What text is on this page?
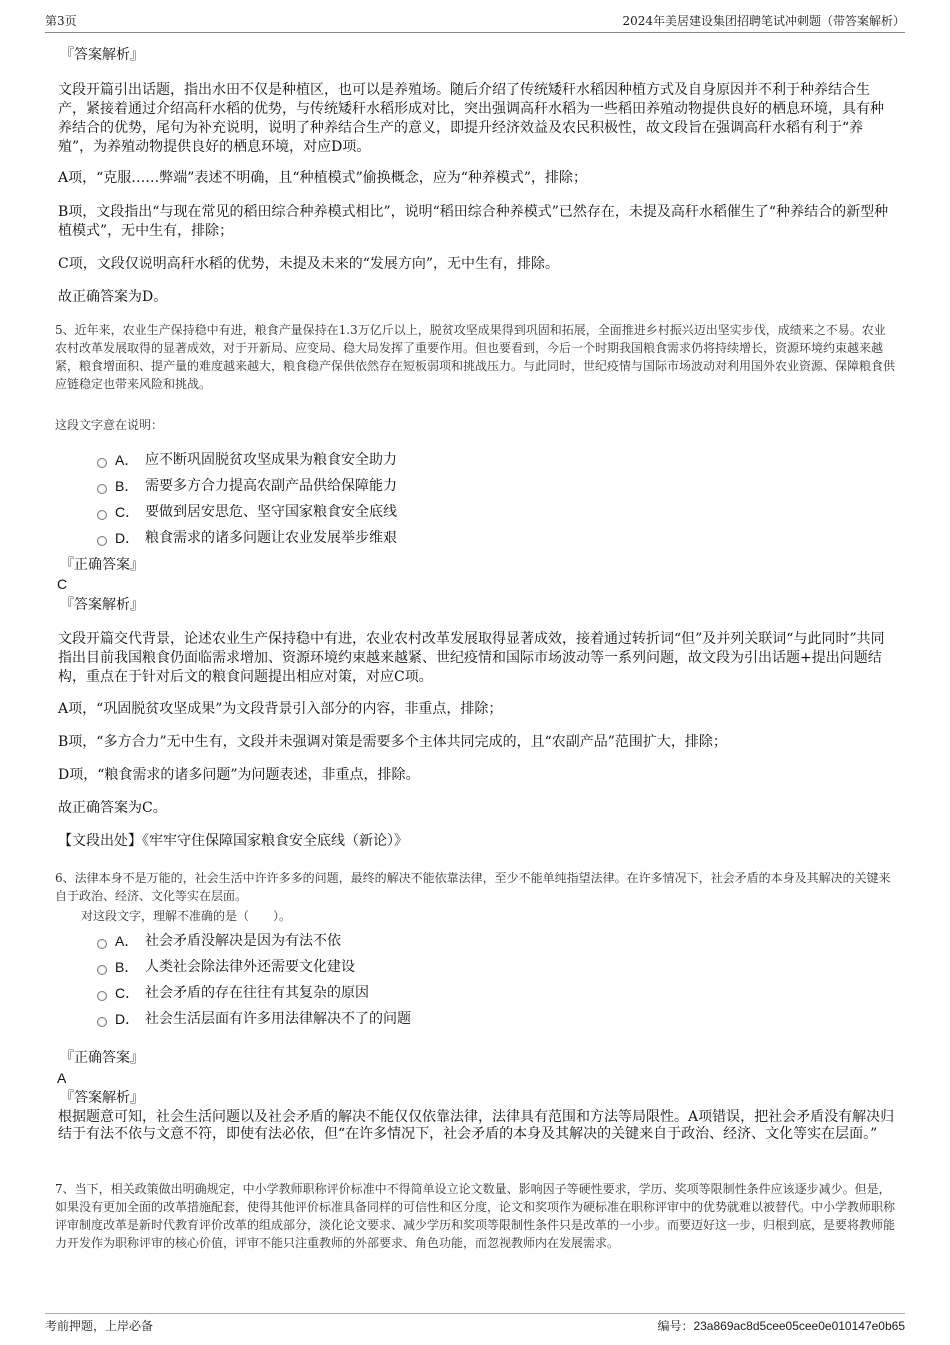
第3页	2024年美居建设集团招聘笔试冲刺题（带答案解析）

『答案解析』

文段开篇引出话题，指出水田不仅是种植区，也可以是养殖场。随后介绍了传统矮秆水稻因种植方式及自身原因并不利于种养结合生产，紧接着通过介绍高秆水稻的优势，与传统矮秆水稻形成对比，突出强调高秆水稻为一些稻田养殖动物提供良好的栖息环境，具有种养结合的优势，尾句为补充说明，说明了种养结合生产的意义，即提升经济效益及农民积极性，故文段旨在强调高秆水稻有利于“养殖”，为养殖动物提供良好的栖息环境，对应D项。

A项，“克服……弊端”表述不明确，且“种植模式”偷换概念，应为“种养模式”，排除；

B项，文段指出“与现在常见的稻田综合种养模式相比”，说明“稻田综合种养模式”已然存在，未提及高秆水稻催生了“种养结合的新型种植模式”，无中生有，排除；

C项，文段仅说明高秆水稻的优势，未提及未来的“发展方向”，无中生有，排除。

故正确答案为D。

5、近年来，农业生产保持稳中有进，粮食产量保持在1.3万亿斤以上，脱贫攻坚成果得到巩固和拓展，全面推进乡村振兴迈出坚实步伐，成绩来之不易。农业农村改革发展取得的显著成效，对于开新局、应变局、稳大局发挥了重要作用。但也要看到，今后一个时期我国粮食需求仍将持续增长，资源环境约束越来越紧，粮食增面积、提产量的难度越来越大，粮食稳产保供依然存在短板弱项和挑战压力。与此同时，世纪疫情与国际市场波动对利用国外农业资源、保障粮食供应链稳定也带来风险和挑战。

这段文字意在说明：

A． 应不断巩固脱贫攻坚成果为粮食安全助力
B． 需要多方合力提高农副产品供给保障能力
C． 要做到居安思危、坚守国家粮食安全底线
D． 粮食需求的诸多问题让农业发展举步维艰

『正确答案』

C

『答案解析』

文段开篇交代背景，论述农业生产保持稳中有进，农业农村改革发展取得显著成效，接着通过转折词“但”及并列关联词“与此同时”共同指出目前我国粮食仍面临需求增加、资源环境约束越来越紧、世纪疫情和国际市场波动等一系列问题，故文段为引出话题+提出问题结构，重点在于针对后文的粮食问题提出相应对策，对应C项。

A项，“巩固脱贫攻坚成果”为文段背景引入部分的内容，非重点，排除；

B项，“多方合力”无中生有，文段并未强调对策是需要多个主体共同完成的，且“农副产品”范围扩大，排除；

D项，“粮食需求的诸多问题”为问题表述，非重点，排除。

故正确答案为C。

【文段出处】《牢牢守住保障国家粮食安全底线（新论）》

6、法律本身不是万能的，社会生活中许许多多的问题，最终的解决不能依靠法律，至少不能单纯指望法律。在许多情况下，社会矛盾的本身及其解决的关键来自于政治、经济、文化等实在层面。

对这段文字，理解不准确的是（　　）。

A． 社会矛盾没解决是因为有法不依
B． 人类社会除法律外还需要文化建设
C． 社会矛盾的存在往往有其复杂的原因
D． 社会生活层面有许多用法律解决不了的问题

『正确答案』

A

『答案解析』

根据题意可知，社会生活问题以及社会矛盾的解决不能仅仅依靠法律，法律具有范围和方法等局限性。A项错误，把社会矛盾没有解决归结于有法不依与文意不符，即使有法必依，但“在许多情况下，社会矛盾的本身及其解决的关键来自于政治、经济、文化等实在层面。”

7、当下，相关政策做出明确规定，中小学教师职称评价标准中不得简单设立论文数量、影响因子等硬性要求，学历、奖项等限制性条件应该逐步减少。但是，如果没有更加全面的改革措施配套，使得其他评价标准具备同样的可信性和区分度，论文和奖项作为硬标准在职称评审中的优势就难以被替代。中小学教师职称评审制度改革是新时代教育评价改革的组成部分，淡化论文要求、减少学历和奖项等限制性条件只是改革的一小步。而要迈好这一步，归根到底，是要将教师能力开发作为职称评审的核心价值，评审不能只注重教师的外部要求、角色功能，而忽视教师内在发展需求。

考前押题，上岸必备	编号：23a869ac8d5cee05cee0e010147e0b65
